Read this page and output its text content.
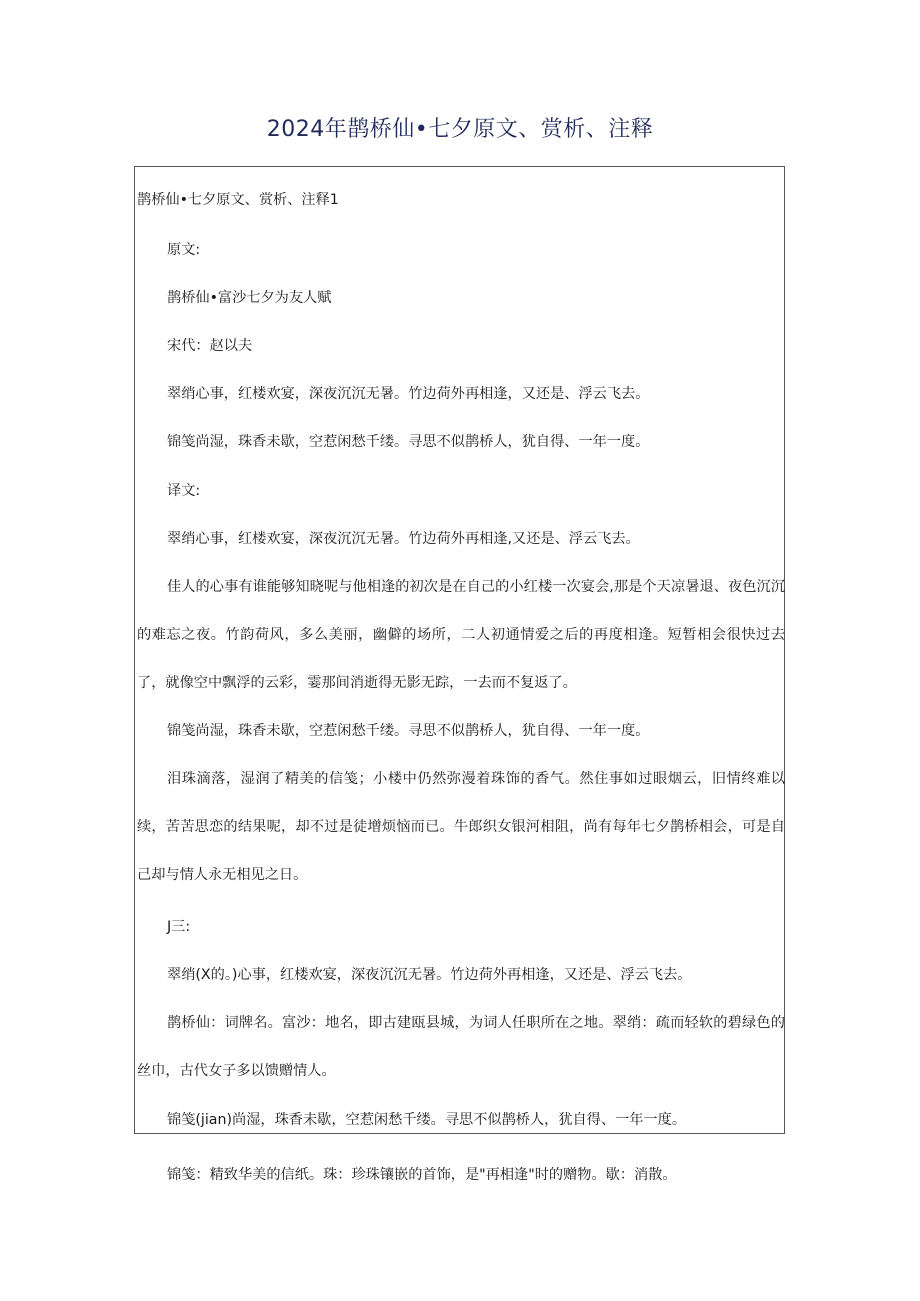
2024年鹊桥仙•七夕原文、赏析、注释
鹊桥仙•七夕原文、赏析、注释1
原文:
鹊桥仙•富沙七夕为友人赋
宋代：赵以夫
翠绡心事，红楼欢宴，深夜沉沉无暑。竹边荷外再相逢，又还是、浮云飞去。
锦笺尚湿，珠香未歇，空惹闲愁千缕。寻思不似鹊桥人，犹自得、一年一度。
译文:
翠绡心事，红楼欢宴，深夜沉沉无暑。竹边荷外再相逢,又还是、浮云飞去。
佳人的心事有谁能够知晓呢与他相逢的初次是在自己的小红楼一次宴会,那是个天凉暑退、夜色沉沉的难忘之夜。竹韵荷风，多么美丽，幽僻的场所，二人初通情爱之后的再度相逢。短暂相会很快过去了，就像空中飘浮的云彩，霎那间消逝得无影无踪，一去而不复返了。
锦笺尚湿，珠香未歇，空惹闲愁千缕。寻思不似鹊桥人，犹自得、一年一度。
泪珠滴落，湿润了精美的信笺；小楼中仍然弥漫着珠饰的香气。然住事如过眼烟云，旧情终难以续，苦苦思恋的结果呢，却不过是徒增烦恼而已。牛郎织女银河相阻，尚有每年七夕鹊桥相会，可是自己却与情人永无相见之日。
J三:
翠绡(X的。)心事，红楼欢宴，深夜沉沉无暑。竹边荷外再相逢，又还是、浮云飞去。
鹊桥仙：词牌名。富沙：地名，即古建瓯县城，为词人任职所在之地。翠绡：疏而轻软的碧绿色的丝巾，古代女子多以馈赠情人。
锦笺(jian)尚湿，珠香未歇，空惹闲愁千缕。寻思不似鹊桥人，犹自得、一年一度。
锦笺：精致华美的信纸。珠：珍珠镶嵌的首饰，是"再相逢"时的赠物。歇：消散。
